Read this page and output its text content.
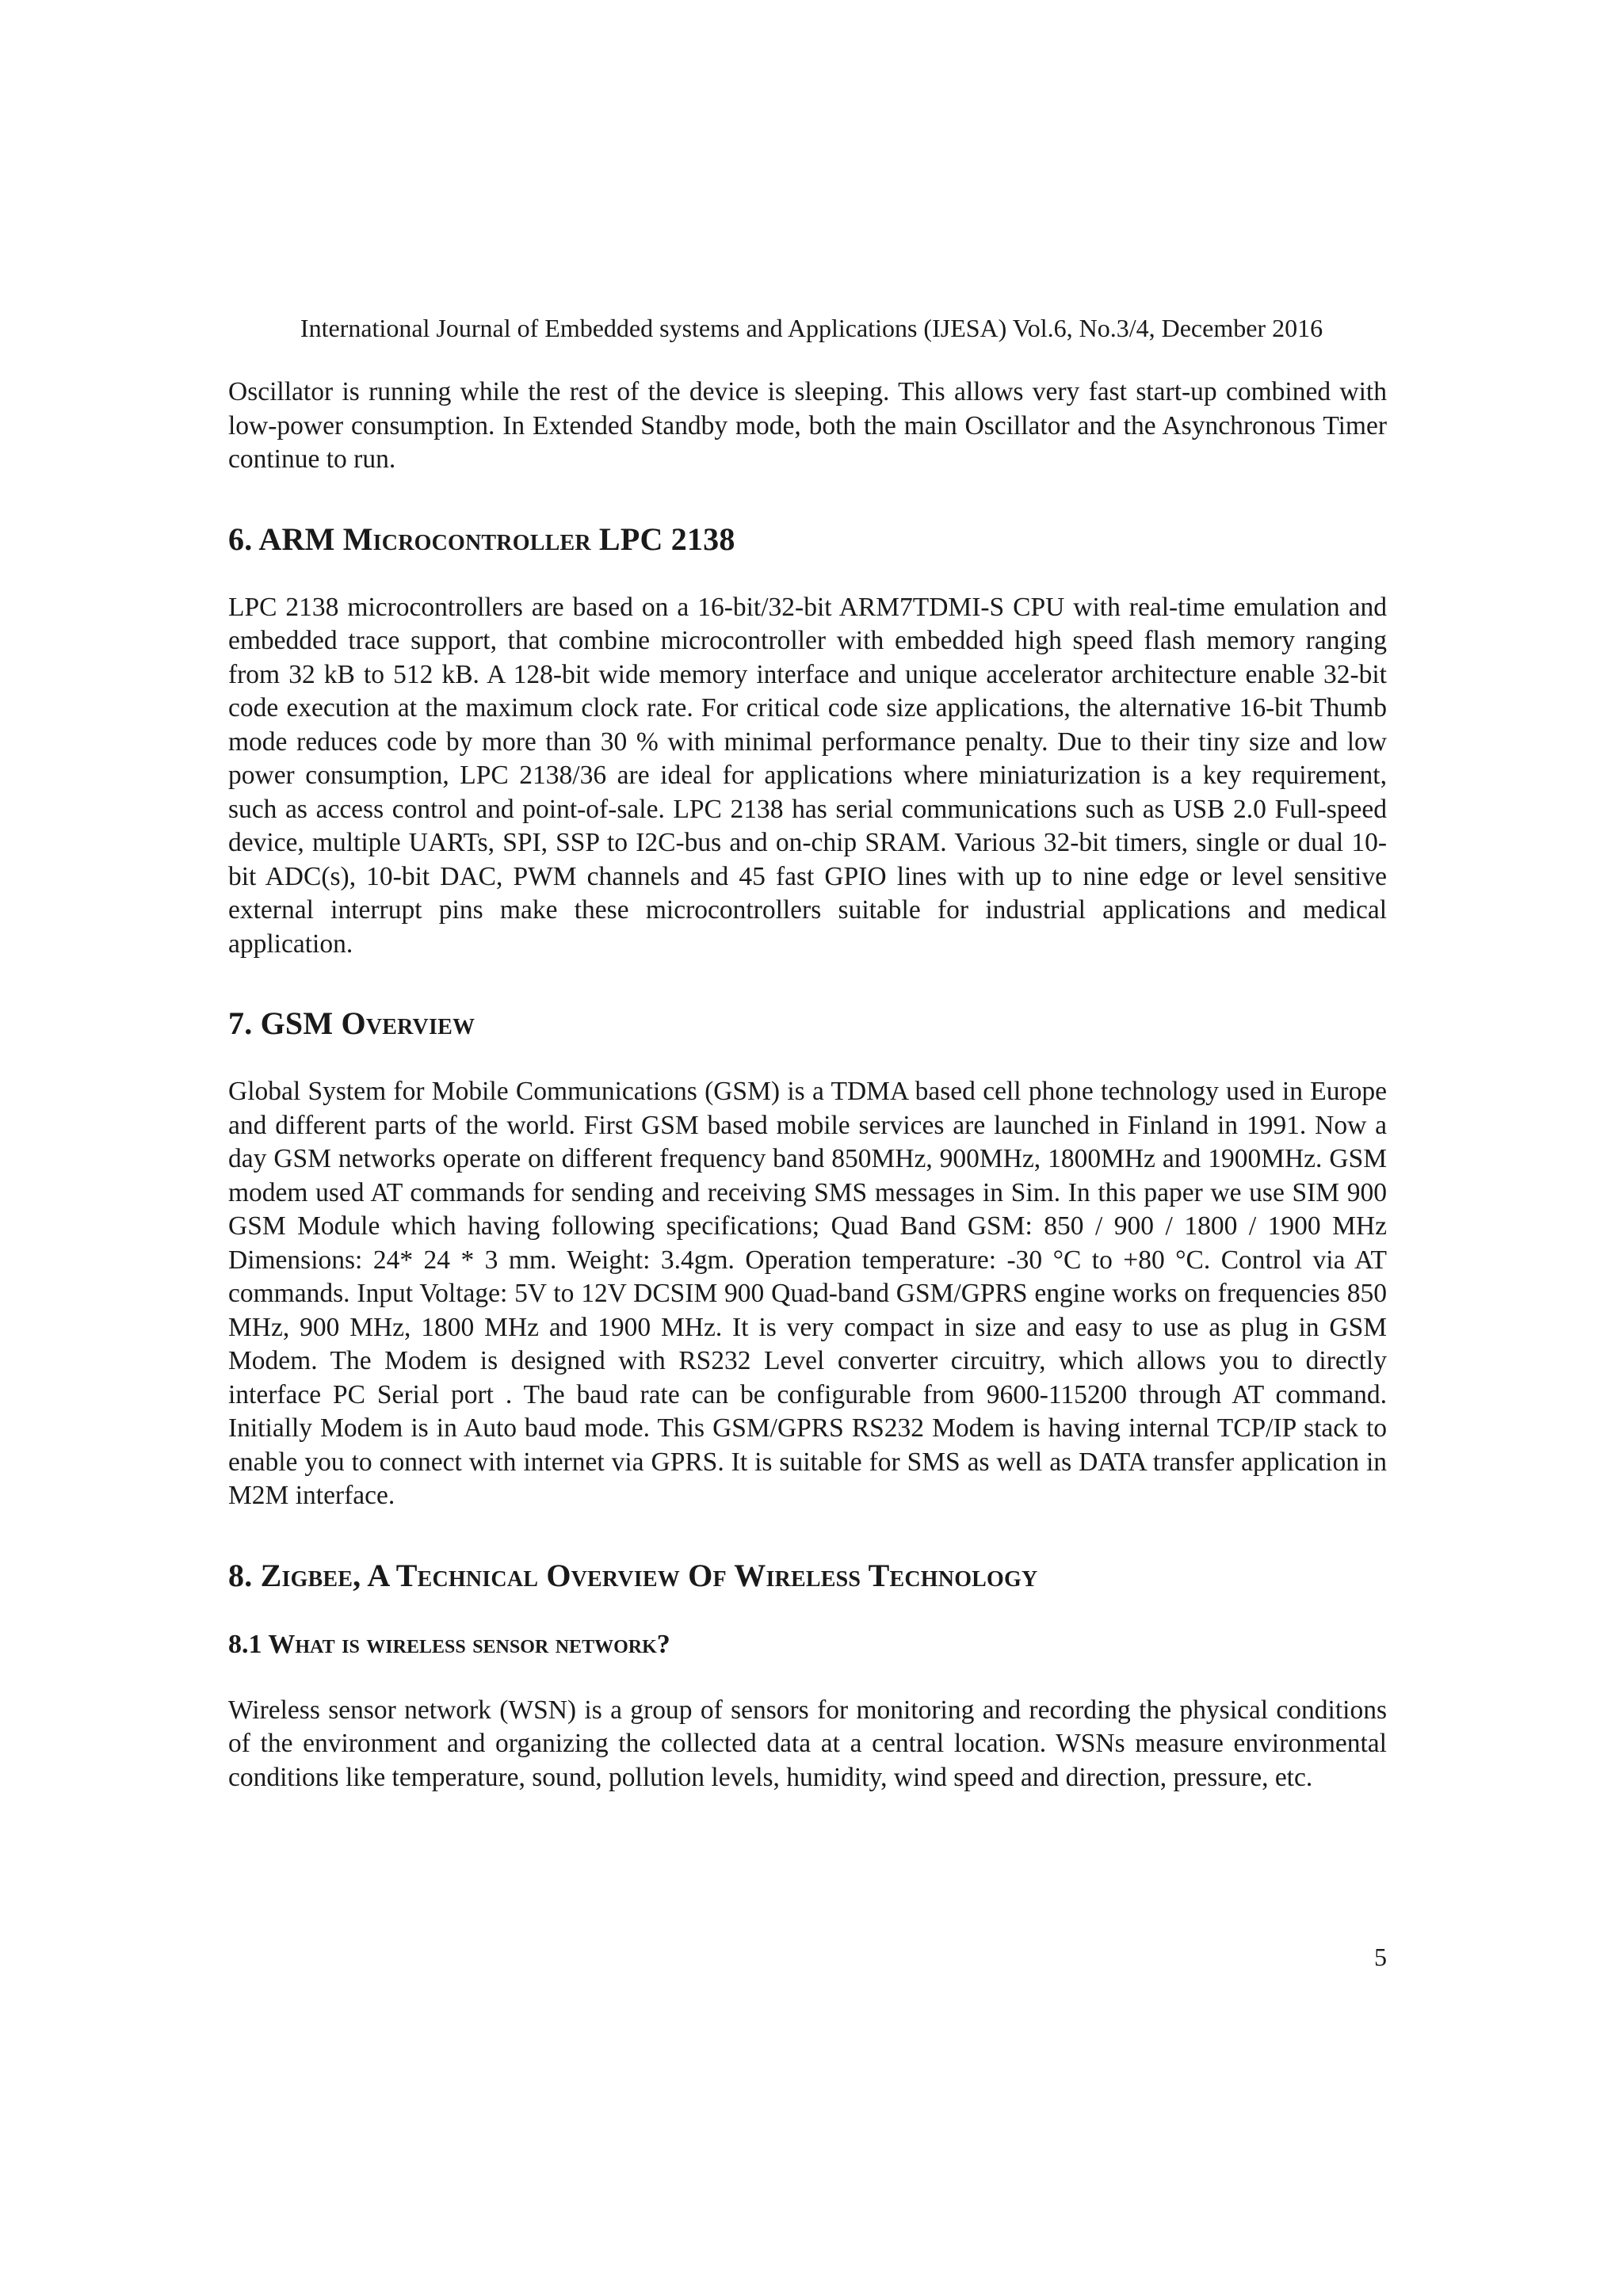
International Journal of Embedded systems and Applications (IJESA) Vol.6, No.3/4, December 2016

Oscillator is running while the rest of the device is sleeping. This allows very fast start-up combined with low-power consumption. In Extended Standby mode, both the main Oscillator and the Asynchronous Timer continue to run.

6. ARM Microcontroller LPC 2138

LPC 2138 microcontrollers are based on a 16-bit/32-bit ARM7TDMI-S CPU with real-time emulation and embedded trace support, that combine microcontroller with embedded high speed flash memory ranging from 32 kB to 512 kB. A 128-bit wide memory interface and unique accelerator architecture enable 32-bit code execution at the maximum clock rate. For critical code size applications, the alternative 16-bit Thumb mode reduces code by more than 30 % with minimal performance penalty. Due to their tiny size and low power consumption, LPC 2138/36 are ideal for applications where miniaturization is a key requirement, such as access control and point-of-sale. LPC 2138 has serial communications such as USB 2.0 Full-speed device, multiple UARTs, SPI, SSP to I2C-bus and on-chip SRAM. Various 32-bit timers, single or dual 10-bit ADC(s), 10-bit DAC, PWM channels and 45 fast GPIO lines with up to nine edge or level sensitive external interrupt pins make these microcontrollers suitable for industrial applications and medical application.

7. GSM Overview

Global System for Mobile Communications (GSM) is a TDMA based cell phone technology used in Europe and different parts of the world. First GSM based mobile services are launched in Finland in 1991. Now a day GSM networks operate on different frequency band 850MHz, 900MHz, 1800MHz and 1900MHz. GSM modem used AT commands for sending and receiving SMS messages in Sim. In this paper we use SIM 900 GSM Module which having following specifications; Quad Band GSM: 850 / 900 / 1800 / 1900 MHz Dimensions: 24* 24 * 3 mm. Weight: 3.4gm. Operation temperature: -30 °C to +80 °C. Control via AT commands. Input Voltage: 5V to 12V DCSIM 900 Quad-band GSM/GPRS engine works on frequencies 850 MHz, 900 MHz, 1800 MHz and 1900 MHz. It is very compact in size and easy to use as plug in GSM Modem. The Modem is designed with RS232 Level converter circuitry, which allows you to directly interface PC Serial port . The baud rate can be configurable from 9600-115200 through AT command. Initially Modem is in Auto baud mode. This GSM/GPRS RS232 Modem is having internal TCP/IP stack to enable you to connect with internet via GPRS. It is suitable for SMS as well as DATA transfer application in M2M interface.

8. Zigbee, A Technical Overview Of Wireless Technology
8.1 What is wireless sensor network?

Wireless sensor network (WSN) is a group of sensors for monitoring and recording the physical conditions of the environment and organizing the collected data at a central location. WSNs measure environmental conditions like temperature, sound, pollution levels, humidity, wind speed and direction, pressure, etc.

5
